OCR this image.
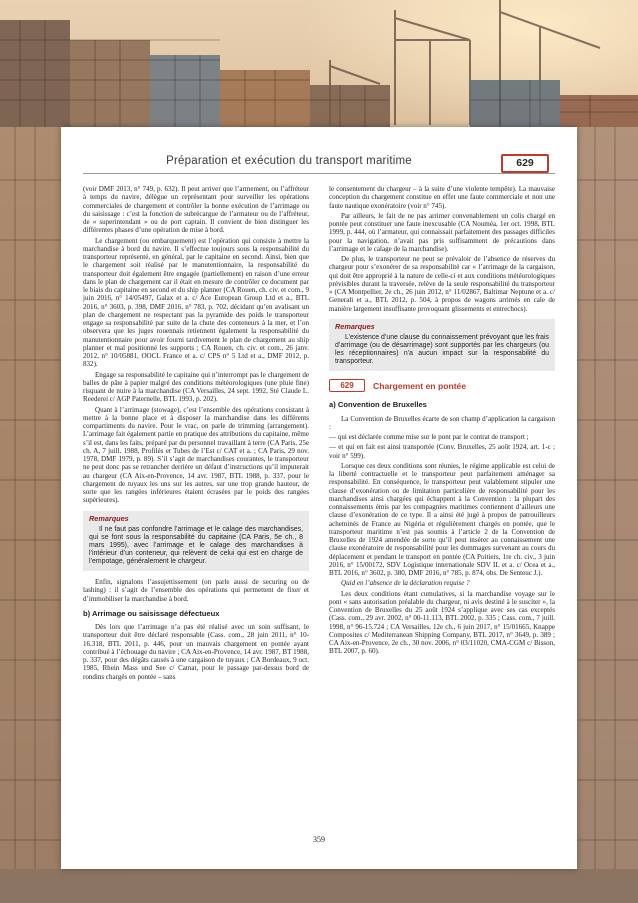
Préparation et exécution du transport maritime	629

(voir DMF 2013, n° 749, p. 632). Il peut arriver que l’armement, ou l’affréteur à temps du navire, délègue un représentant pour surveiller les opérations commerciales de chargement et contrôler la bonne exécution de l’arrimage ou du saisissage : c’est la fonction de subrécargue de l’armateur ou de l’affréteur, de « superintendant » ou de port captain. Il convient de bien distinguer les différentes phases d’une opération de mise à bord.

Le chargement (ou embarquement) est l’opération qui consiste à mettre la marchandise à bord du navire. Il s’effectue toujours sous la responsabilité du transporteur représenté, en général, par le capitaine en second. Ainsi, bien que le chargement soit réalisé par le manutentionnaire, la responsabilité du transporteur doit également être engagée (partiellement) en raison d’une erreur dans le plan de chargement car il était en mesure de contrôler ce document par le biais du capitaine en second et du ship planner (CA Rouen, ch. civ. et com., 9 juin 2016, n° 14/05497, Galax et a. c/ Ace European Group Ltd et a., BTL 2016, n° 3603, p. 398, DMF 2016, n° 783, p. 702, décidant qu’en avalisant un plan de chargement ne respectant pas la pyramide des poids le transporteur engage sa responsabilité par suite de la chute des conteneurs à la mer, et l’on observera que les juges rouennais retiennent également la responsabilité du manutentionnaire pour avoir fourni tardivement le plan de chargement au ship planner et mal positionné les supports ; CA Rouen, ch. civ. et com., 26 janv. 2012, n° 10/05881, OOCL France et a. c/ CPS n° 5 Ltd et a., DMF 2012, p. 832).

Engage sa responsabilité le capitaine qui n’interrompt pas le chargement de balles de pâte à papier malgré des conditions météorologiques (une pluie fine) risquant de nuire à la marchandise (CA Versailles, 24 sept. 1992, Sté Claude L. Reederei c/ AGP Paternelle, BTL 1993, p. 202).

Quant à l’arrimage (stowage), c’est l’ensemble des opérations consistant à mettre à la bonne place et à disposer la marchandise dans les différents compartiments du navire. Pour le vrac, on parle de trimming (arrangement). L’arrimage fait également partie en pratique des attributions du capitaine, même s’il est, dans les faits, préparé par du personnel travaillant à terre (CA Paris, 25e ch. A, 7 juill. 1988, Profilés et Tubes de l’Est c/ CAT et a. ; CA Paris, 29 nov. 1978, DMF 1979, p. 89). S’il s’agit de marchandises courantes, le transporteur ne peut donc pas se retrancher derrière un défaut d’instructions qu’il imputerait au chargeur (CA Aix-en-Provence, 14 avr. 1987, BTL 1988, p. 337, pour le chargement de tuyaux les uns sur les autres, sur une trop grande hauteur, de sorte que les rangées inférieures étaient écrasées par le poids des rangées supérieures).

Remarques
Il ne faut pas confondre l’arrimage et le calage des marchandises, qui se font sous la responsabilité du capitaine (CA Paris, 5e ch., 8 mars 1995), avec l’arrimage et le calage des marchandises à l’intérieur d’un conteneur, qui relèvent de celui qui est en charge de l’empotage, généralement le chargeur.

Enfin, signalons l’assujettissement (on parle aussi de securing ou de lashing) : il s’agit de l’ensemble des opérations qui permettent de fixer et d’immobiliser la marchandise à bord.

b) Arrimage ou saisissage défectueux

Dès lors que l’arrimage n’a pas été réalisé avec un soin suffisant, le transporteur doit être déclaré responsable (Cass. com., 28 juin 2011, n° 10-16.318, BTL 2011, p. 446, pour un mauvais chargement en pontée ayant contribué à l’échouage du navire ; CA Aix-en-Provence, 14 avr. 1987, BT 1988, p. 337, pour des dégâts causés à une cargaison de tuyaux ; CA Bordeaux, 9 oct. 1985, Rhein Mass und See c/ Camat, pour le passage par-dessus bord de rondins chargés en pontée – sans

le consentement du chargeur – à la suite d’une violente tempête). La mauvaise conception du chargement constitue en effet une faute commerciale et non une faute nautique exonératoire (voir n° 745).

Par ailleurs, le fait de ne pas arrimer convenablement un colis chargé en pontée peut constituer une faute inexcusable (CA Nouméa, 1er oct. 1998, BTL 1999, p. 444, où l’armateur, qui connaissait parfaitement des passages difficiles pour la navigation, n’avait pas pris suffisamment de précautions dans l’arrimage et le calage de la marchandise).

De plus, le transporteur ne peut se prévaloir de l’absence de réserves du chargeur pour s’exonérer de sa responsabilité car « l’arrimage de la cargaison, qui doit être approprié à la nature de celle-ci et aux conditions météorologiques prévisibles durant la traversée, relève de la seule responsabilité du transporteur » (CA Montpellier, 2e ch., 26 juin 2012, n° 11/02867, Baltimar Neptune et a. c/ Generali et a., BTL 2012, p. 504, à propos de wagons arrimés en cale de manière largement insuffisante provoquant glissements et entrechocs).

Remarques
L’existence d’une clause du connaissement prévoyant que les frais d’arrimage (ou de désarrimage) sont supportés par les chargeurs (ou les réceptionnaires) n’a aucun impact sur la responsabilité du transporteur.
629	Chargement en pontée
a) Convention de Bruxelles

La Convention de Bruxelles écarte de son champ d’application la cargaison :

— qui est déclarée comme mise sur le pont par le contrat de transport ;

— et qui en fait est ainsi transportée (Conv. Bruxelles, 25 août 1924, art. 1-c ; voir n° 599).

Lorsque ces deux conditions sont réunies, le régime applicable est celui de la liberté contractuelle et le transporteur peut parfaitement aménager sa responsabilité. En conséquence, le transporteur peut valablement stipuler une clause d’exonération ou de limitation particulière de responsabilité pour les marchandises ainsi chargées qui échappent à la Convention : la plupart des connaissements émis par les compagnies maritimes contiennent d’ailleurs une clause d’exonération de ce type. Il a ainsi été jugé à propos de patrouilleurs acheminés de France au Nigéria et régulièrement chargés en pontée, que le transporteur maritime n’est pas soumis à l’article 2 de la Convention de Bruxelles de 1924 amendée de sorte qu’il peut insérer au connaissement une clause exonératoire de responsabilité pour les dommages survenant au cours du déplacement et pendant le transport en pontée (CA Poitiers, 1re ch. civ., 3 juin 2016, n° 15/00172, SDV Logistique internationale SDV IL et a. c/ Ocea et a., BTL 2016, n° 3602, p. 380, DMF 2016, n° 785, p. 874, obs. De Senteuc J.).

Quid en l’absence de la déclaration requise ?

Les deux conditions étant cumulatives, si la marchandise voyage sur le pont « sans autorisation préalable du chargeur, ni avis destiné à le susciter », la Convention de Bruxelles du 25 août 1924 s’applique avec ses cas exceptés (Cass. com., 29 avr. 2002, n° 00-11.113, BTL 2002, p. 335 ; Cass. com., 7 juill. 1998, n° 96-15.724 ; CA Versailles, 12e ch., 6 juin 2017, n° 15/01665, Knappe Composites c/ Mediterranean Shipping Company, BTL 2017, n° 3649, p. 389 ; CA Aix-en-Provence, 2e ch., 30 nov. 2006, n° 03/11020, CMA-CGM c/ Bisson, BTL 2007, p. 60).

359
